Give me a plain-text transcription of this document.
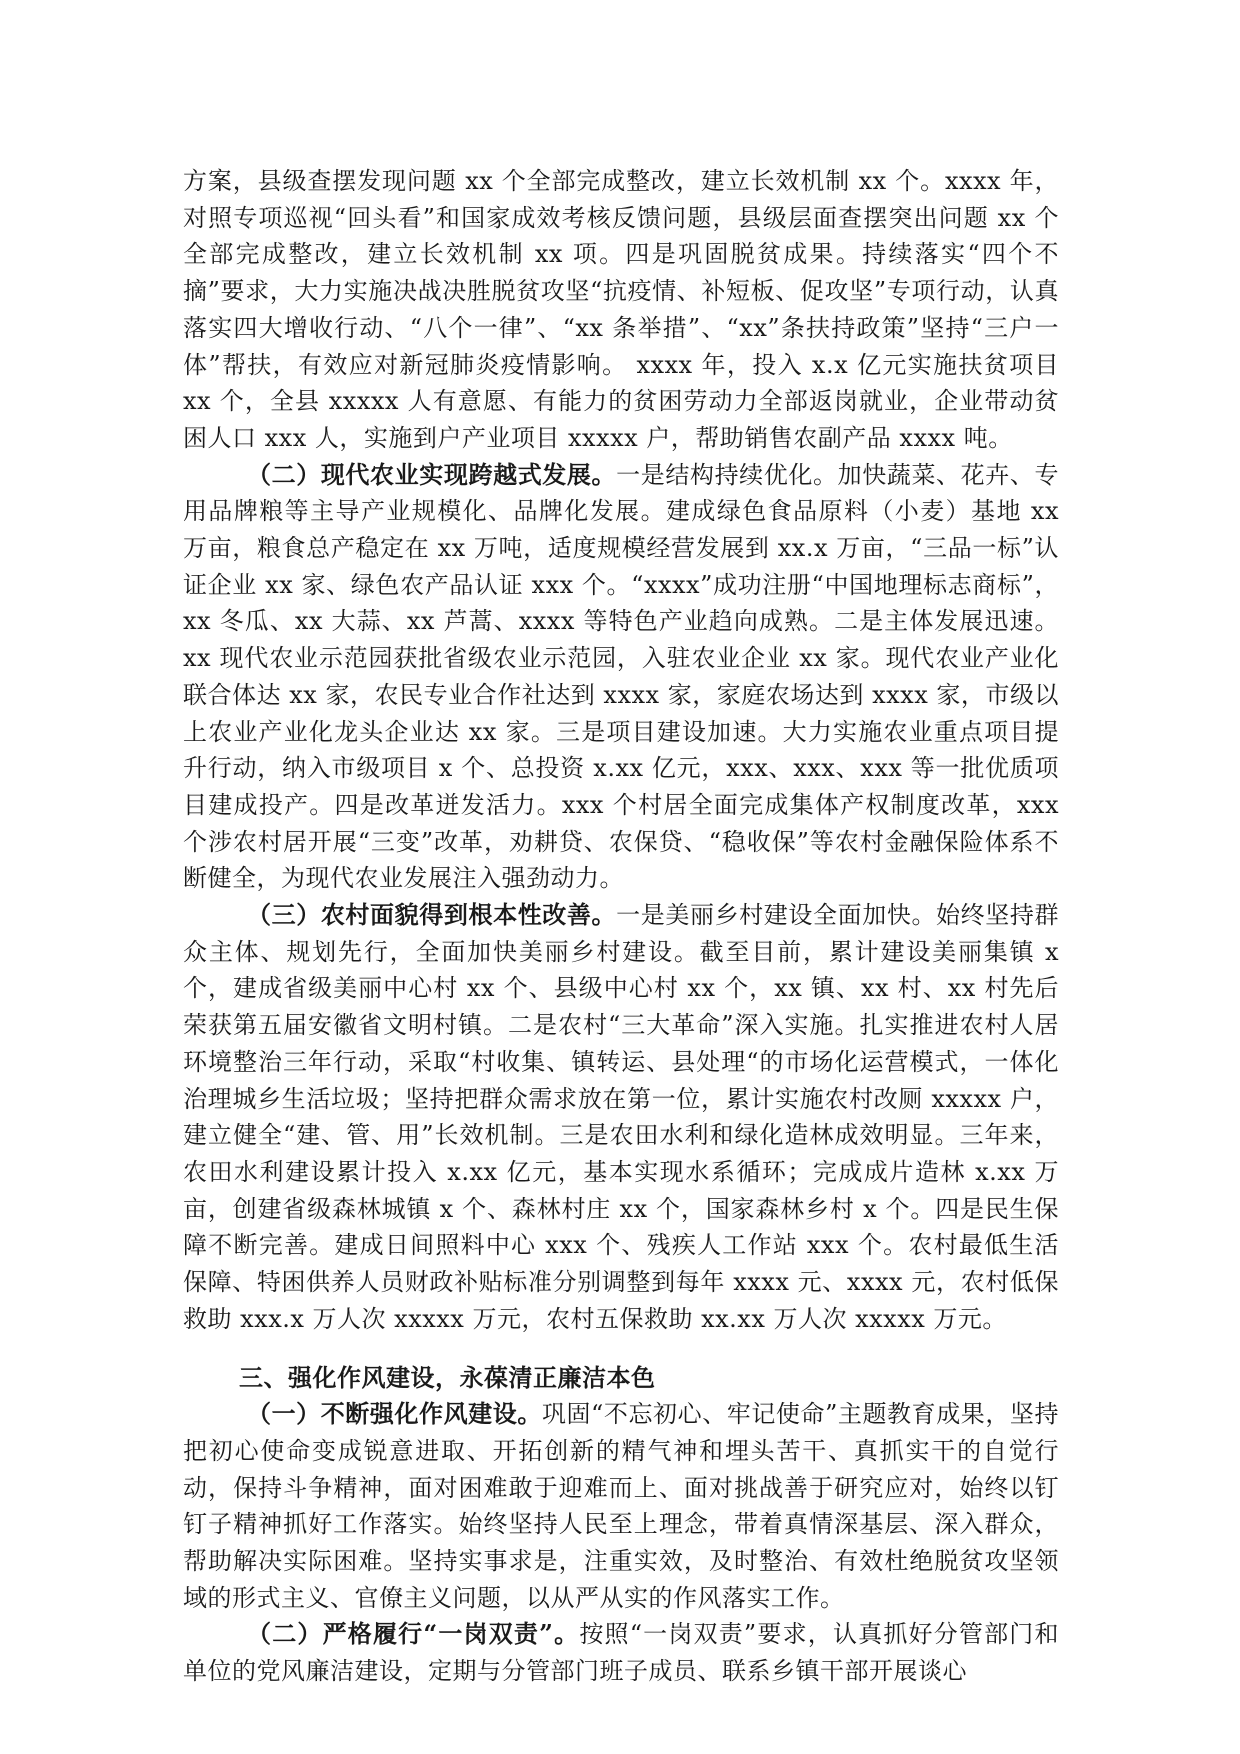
方案，县级查摆发现问题 xx 个全部完成整改，建立长效机制 xx 个。xxxx 年，对照专项巡视“回头看”和国家成效考核反馈问题，县级层面查摆突出问题 xx 个全部完成整改，建立长效机制 xx 项。四是巩固脱贫成果。持续落实“四个不摘”要求，大力实施决战决胜脱贫攻坚“抗疫情、补短板、促攻坚”专项行动，认真落实四大增收行动、“八个一律”、“xx 条举措”、“xx”条扶持政策”坚持“三户一体”帮扶，有效应对新冠肺炎疫情影响。 xxxx 年，投入 x.x 亿元实施扶贫项目 xx 个，全县 xxxxx 人有意愿、有能力的贫困劳动力全部返岗就业，企业带动贫困人口 xxx 人，实施到户产业项目 xxxxx 户，帮助销售农副产品 xxxx 吨。

（二）现代农业实现跨越式发展。一是结构持续优化。加快蔬菜、花卉、专用品牌粮等主导产业规模化、品牌化发展。建成绿色食品原料（小麦）基地 xx 万亩，粮食总产稳定在 xx 万吨，适度规模经营发展到 xx.x 万亩，“三品一标”认证企业 xx 家、绿色农产品认证 xxx 个。“xxxx”成功注册“中国地理标志商标”，xx 冬瓜、xx 大蒜、xx 芦蒿、xxxx 等特色产业趋向成熟。二是主体发展迅速。xx 现代农业示范园获批省级农业示范园，入驻农业企业 xx 家。现代农业产业化联合体达 xx 家，农民专业合作社达到 xxxx 家，家庭农场达到 xxxx 家，市级以上农业产业化龙头企业达 xx 家。三是项目建设加速。大力实施农业重点项目提升行动，纳入市级项目 x 个、总投资 x.xx 亿元，xxx、xxx、xxx 等一批优质项目建成投产。四是改革迸发活力。xxx 个村居全面完成集体产权制度改革，xxx 个涉农村居开展“三变”改革，劝耕贷、农保贷、“稳收保”等农村金融保险体系不断健全，为现代农业发展注入强劲动力。

（三）农村面貌得到根本性改善。一是美丽乡村建设全面加快。始终坚持群众主体、规划先行，全面加快美丽乡村建设。截至目前，累计建设美丽集镇 x 个，建成省级美丽中心村 xx 个、县级中心村 xx 个，xx 镇、xx 村、xx 村先后荣获第五届安徽省文明村镇。二是农村“三大革命”深入实施。扎实推进农村人居环境整治三年行动，采取“村收集、镇转运、县处理“的市场化运营模式，一体化治理城乡生活垃圾；坚持把群众需求放在第一位，累计实施农村改厕 xxxxx 户，建立健全“建、管、用”长效机制。三是农田水利和绿化造林成效明显。三年来，农田水利建设累计投入 x.xx 亿元，基本实现水系循环；完成成片造林 x.xx 万亩，创建省级森林城镇 x 个、森林村庄 xx 个，国家森林乡村 x 个。四是民生保障不断完善。建成日间照料中心 xxx 个、残疾人工作站 xxx 个。农村最低生活保障、特困供养人员财政补贴标准分别调整到每年 xxxx 元、xxxx 元，农村低保救助 xxx.x 万人次 xxxxx 万元，农村五保救助 xx.xx 万人次 xxxxx 万元。

三、强化作风建设，永葆清正廉洁本色

（一）不断强化作风建设。巩固“不忘初心、牢记使命”主题教育成果，坚持把初心使命变成锐意进取、开拓创新的精气神和埋头苦干、真抓实干的自觉行动，保持斗争精神，面对困难敢于迎难而上、面对挑战善于研究应对，始终以钉钉子精神抓好工作落实。始终坚持人民至上理念，带着真情深基层、深入群众，帮助解决实际困难。坚持实事求是，注重实效，及时整治、有效杜绝脱贫攻坚领域的形式主义、官僚主义问题，以从严从实的作风落实工作。

（二）严格履行“一岗双责”。按照“一岗双责”要求，认真抓好分管部门和单位的党风廉洁建设，定期与分管部门班子成员、联系乡镇干部开展谈心
